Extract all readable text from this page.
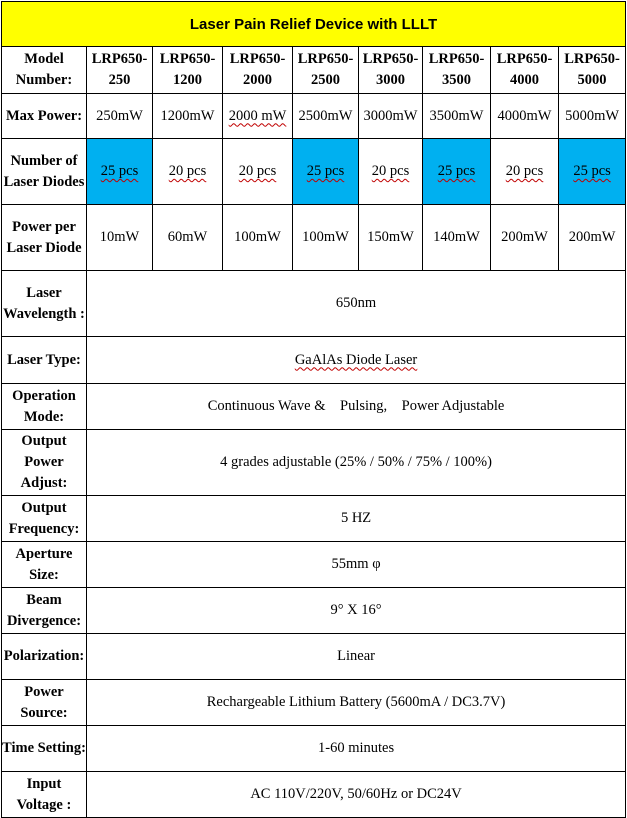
Laser Pain Relief Device with LLLT								
Model Number:	LRP650-250	LRP650-1200	LRP650-2000	LRP650-2500	LRP650-3000	LRP650-3500	LRP650-4000	LRP650-5000
Max Power:	250mW	1200mW	2000 mW	2500mW	3000mW	3500mW	4000mW	5000mW
Number of Laser Diodes	25 pcs	20 pcs	20 pcs	25 pcs	20 pcs	25 pcs	20 pcs	25 pcs
Power per Laser Diode	10mW	60mW	100mW	100mW	150mW	140mW	200mW	200mW
Laser Wavelength :	650nm							
Laser Type:	GaAlAs Diode Laser							
Operation Mode:	Continuous Wave &    Pulsing,    Power Adjustable							
Output Power Adjust:	4 grades adjustable (25% / 50% / 75% / 100%)							
Output Frequency:	5 HZ							
Aperture Size:	55mm φ							
Beam Divergence:	9° X 16°							
Polarization:	Linear							
Power Source:	Rechargeable Lithium Battery (5600mA / DC3.7V)							
Time Setting:	1-60 minutes							
Input Voltage :	AC 110V/220V, 50/60Hz or DC24V							
